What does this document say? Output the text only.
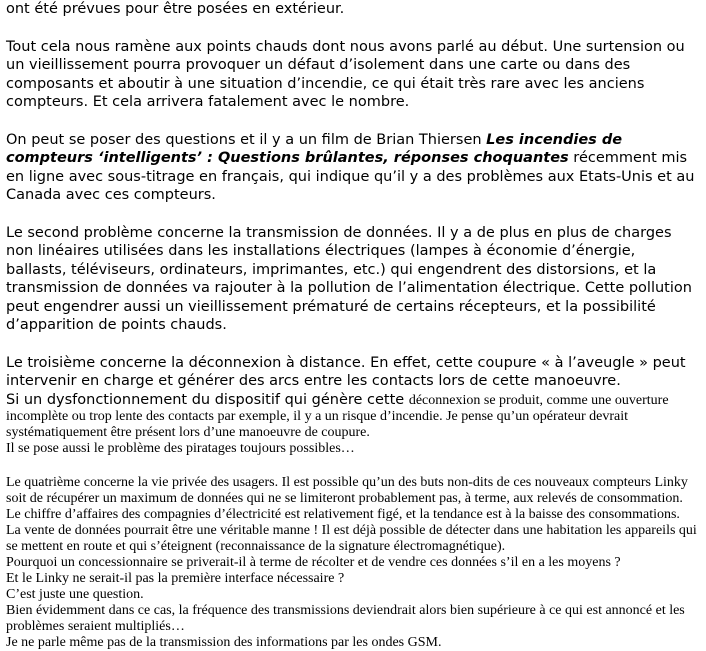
ont été prévues pour être posées en extérieur.

Tout cela nous ramène aux points chauds dont nous avons parlé au début. Une surtension ou un vieillissement pourra provoquer un défaut d’isolement dans une carte ou dans des composants et aboutir à une situation d’incendie, ce qui était très rare avec les anciens compteurs. Et cela arrivera fatalement avec le nombre.

On peut se poser des questions et il y a un film de Brian Thiersen Les incendies de compteurs ‘intelligents’ : Questions brûlantes, réponses choquantes récemment mis en ligne avec sous-titrage en français, qui indique qu’il y a des problèmes aux Etats-Unis et au Canada avec ces compteurs.

Le second problème concerne la transmission de données. Il y a de plus en plus de charges non linéaires utilisées dans les installations électriques (lampes à économie d’énergie, ballasts, téléviseurs, ordinateurs, imprimantes, etc.) qui engendrent des distorsions, et la transmission de données va rajouter à la pollution de l’alimentation électrique. Cette pollution peut engendrer aussi un vieillissement prématuré de certains récepteurs, et la possibilité d’apparition de points chauds.

Le troisième concerne la déconnexion à distance. En effet, cette coupure « à l’aveugle » peut intervenir en charge et générer des arcs entre les contacts lors de cette manoeuvre.

Si un dysfonctionnement du dispositif qui génère cette déconnexion se produit, comme une ouverture incomplète ou trop lente des contacts par exemple, il y a un risque d’incendie. Je pense qu’un opérateur devrait systématiquement être présent lors d’une manoeuvre de coupure.

Il se pose aussi le problème des piratages toujours possibles…

Le quatrième concerne la vie privée des usagers. Il est possible qu’un des buts non-dits de ces nouveaux compteurs Linky soit de récupérer un maximum de données qui ne se limiteront probablement pas, à terme, aux relevés de consommation.

Le chiffre d’affaires des compagnies d’électricité est relativement figé, et la tendance est à la baisse des consommations. La vente de données pourrait être une véritable manne ! Il est déjà possible de détecter dans une habitation les appareils qui se mettent en route et qui s’éteignent (reconnaissance de la signature électromagnétique).

Pourquoi un concessionnaire se priverait-il à terme de récolter et de vendre ces données s’il en a les moyens ?

Et le Linky ne serait-il pas la première interface nécessaire ?

C’est juste une question.

Bien évidemment dans ce cas, la fréquence des transmissions deviendrait alors bien supérieure à ce qui est annoncé et les problèmes seraient multipliés…

Je ne parle même pas de la transmission des informations par les ondes GSM.
